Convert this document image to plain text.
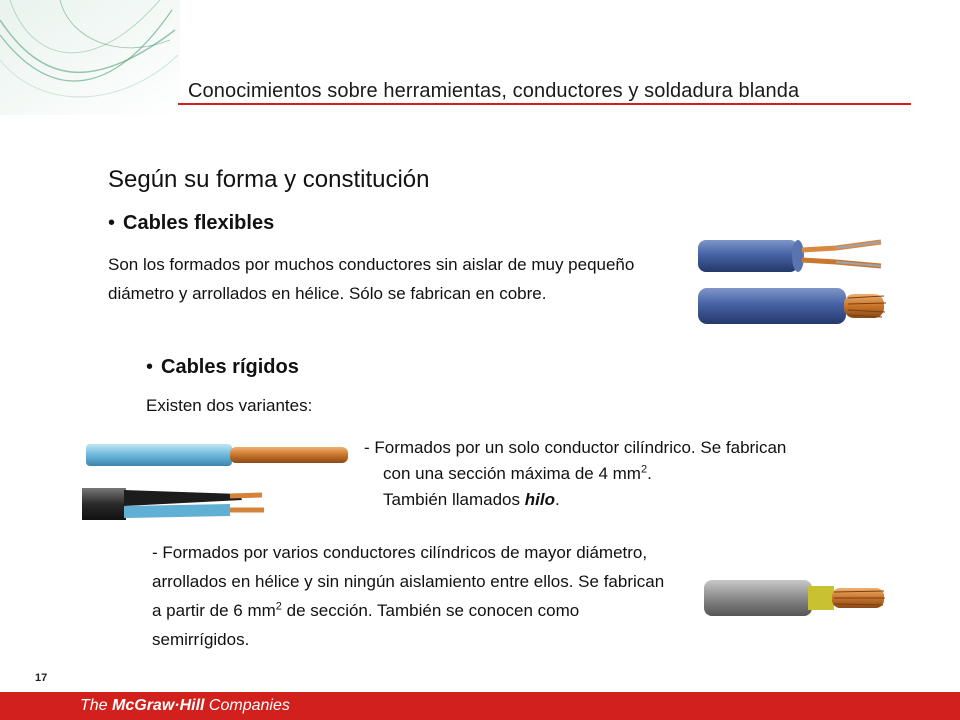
Conocimientos sobre herramientas, conductores y soldadura blanda
Según su forma y constitución
• Cables flexibles
Son los formados por muchos conductores sin aislar de muy pequeño diámetro y arrollados en hélice. Sólo se fabrican en cobre.
• Cables rígidos
Existen dos variantes:
- Formados por un solo conductor cilíndrico. Se fabrican
con una sección máxima de 4 $mm^2$.
También llamados hilo.
- Formados por varios conductores cilíndricos de mayor diámetro, arrollados en hélice y sin ningún aislamiento entre ellos. Se fabrican a partir de 6 $mm^2$ de sección. También se conocen como semirrígidos.
17
The McGraw·Hill Companies
